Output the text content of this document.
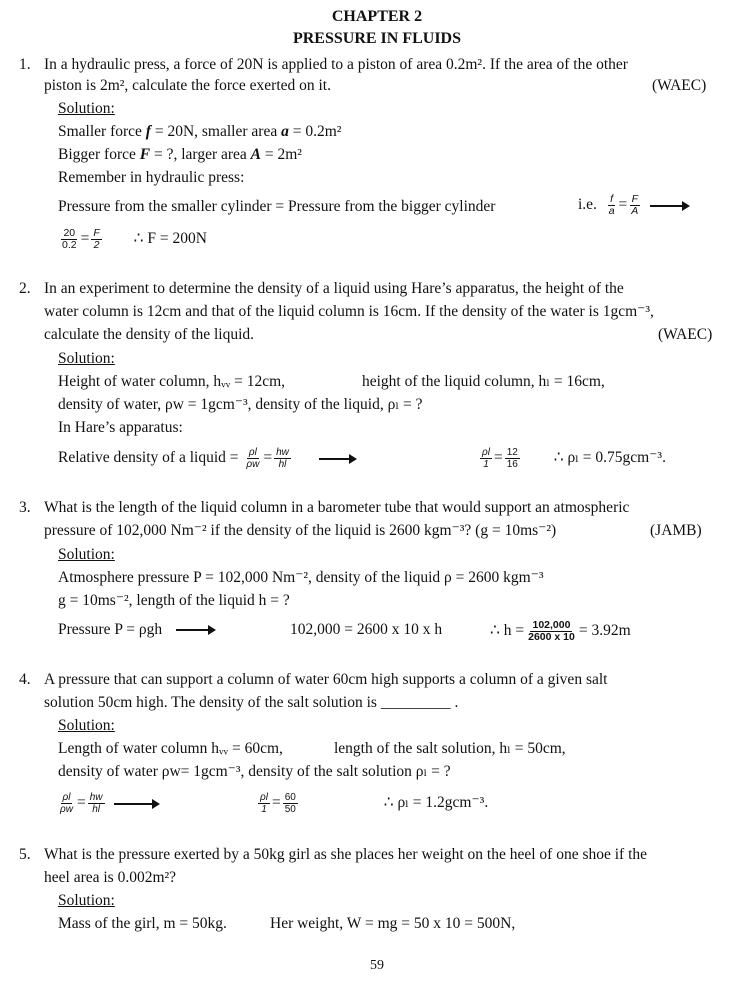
CHAPTER 2
PRESSURE IN FLUIDS
1. In a hydraulic press, a force of 20N is applied to a piston of area 0.2m². If the area of the other
piston is 2m², calculate the force exerted on it.	(WAEC)
Solution:
Smaller force f = 20N, smaller area a = 0.2m²
Bigger force F = ?, larger area A = 2m²
Remember in hydraulic press:
Pressure from the smaller cylinder = Pressure from the bigger cylinder	i.e. $\frac{f}{a} = \frac{F}{A}$

$\frac{20}{0.2} = \frac{F}{2}$ ∴ F = 200N
2. In an experiment to determine the density of a liquid using Hare’s apparatus, the height of the
water column is 12cm and that of the liquid column is 16cm. If the density of the water is 1gcm⁻³,
calculate the density of the liquid.	(WAEC)
Solution:
Height of water column, hᵥᵥ = 12cm,	height of the liquid column, hₗ = 16cm,
density of water, ρw = 1gcm⁻³, density of the liquid, ρₗ = ?
In Hare’s apparatus:
Relative density of a liquid = $\frac{\rho l}{\rho w} = \frac{hw}{hl}$
	$\frac{\rho l}{1} = \frac{12}{16}$ ∴ ρₗ = 0.75gcm⁻³.
3. What is the length of the liquid column in a barometer tube that would support an atmospheric
pressure of 102,000 Nm⁻² if the density of the liquid is 2600 kgm⁻³? (g = 10ms⁻²)	(JAMB)
Solution:
Atmosphere pressure P = 102,000 Nm⁻², density of the liquid ρ = 2600 kgm⁻³
g = 10ms⁻², length of the liquid h = ?
Pressure P = ρgh	102,000 = 2600 x 10 x h	∴ $h = \frac{102,000}{2600 x 10} = 3.92m$
4. A pressure that can support a column of water 60cm high supports a column of a given salt
solution 50cm high. The density of the salt solution is _________ .
Solution:
Length of water column hᵥᵥ = 60cm,	length of the salt solution, hₗ = 50cm,
density of water ρw= 1gcm⁻³, density of the salt solution ρₗ = ?
$\frac{\rho l}{\rho w} = \frac{hw}{hl}$
	$\frac{\rho l}{1} = \frac{60}{50}$	∴ ρₗ = 1.2gcm⁻³.
5. What is the pressure exerted by a 50kg girl as she places her weight on the heel of one shoe if the
heel area is 0.002m²?
Solution:
Mass of the girl, m = 50kg.	Her weight, W = mg = 50 x 10 = 500N,
59
